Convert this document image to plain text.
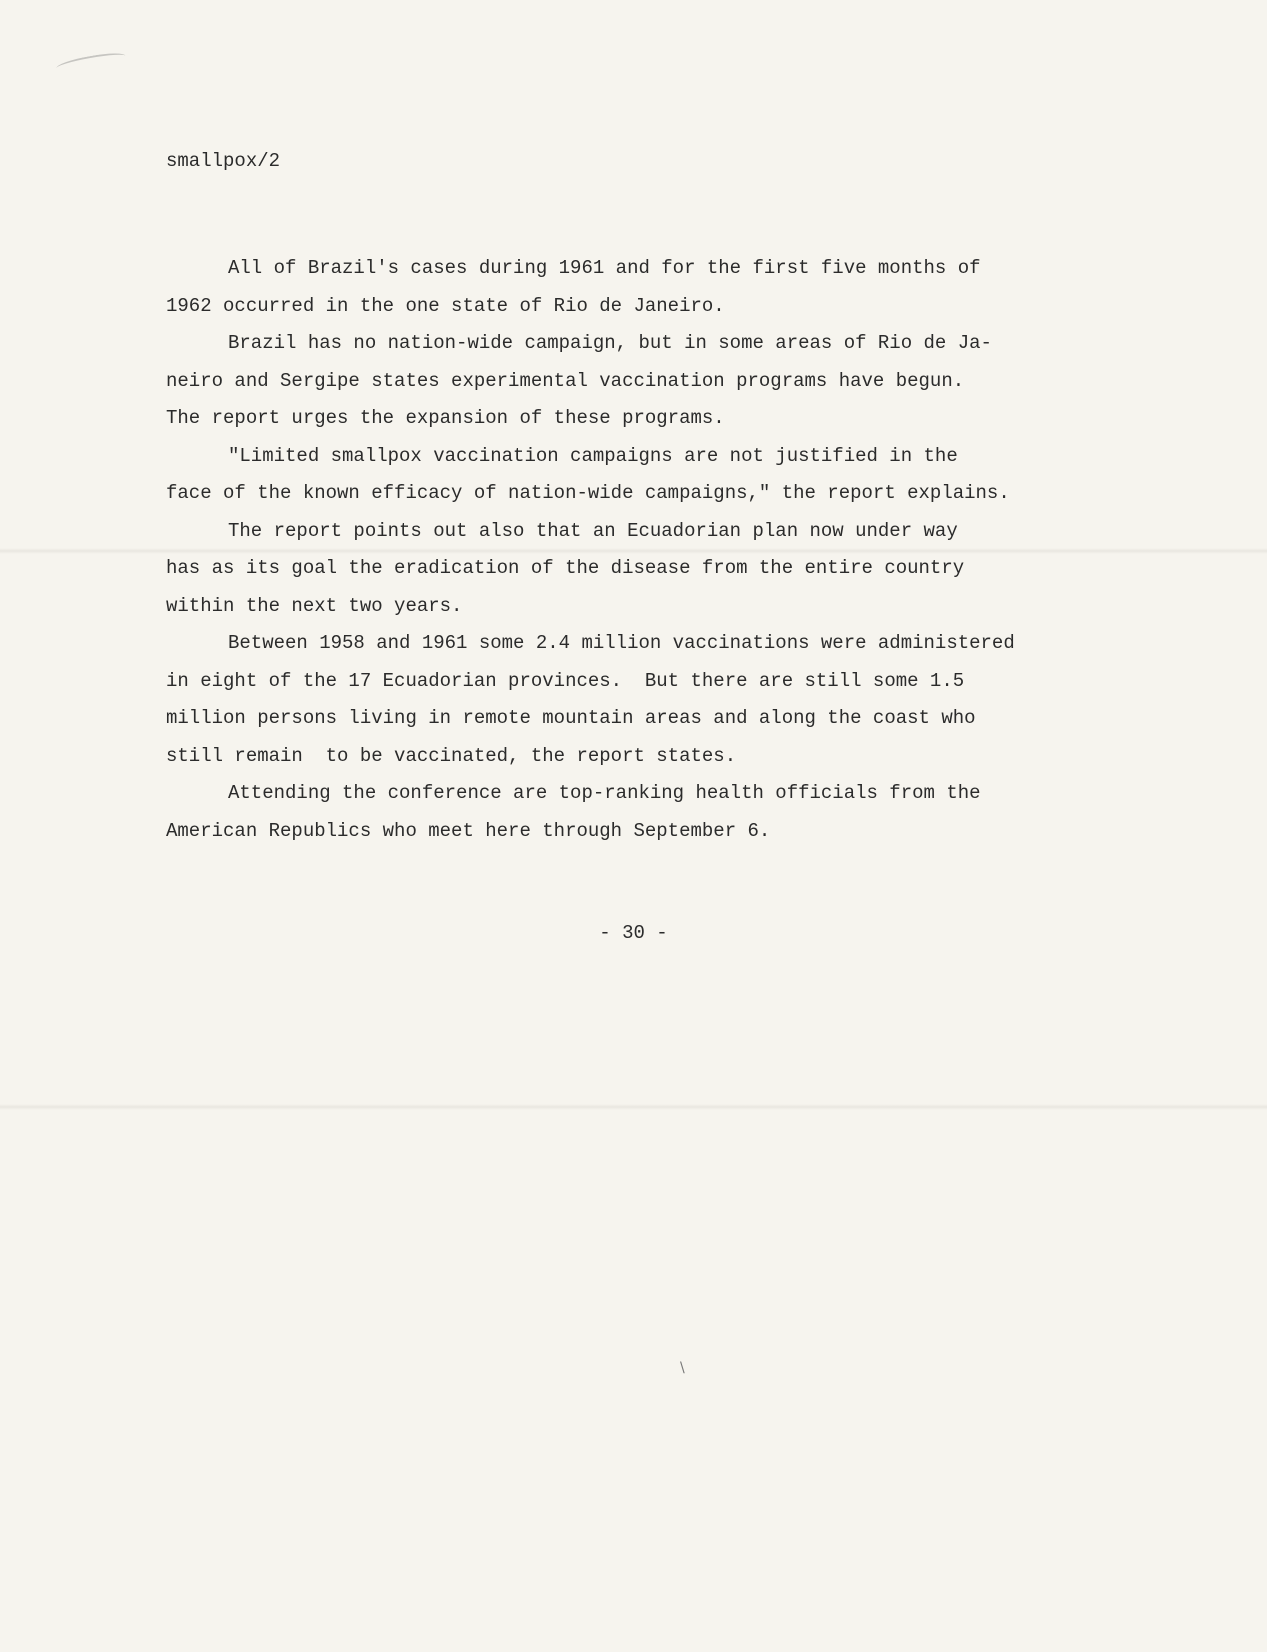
\

smallpox/2

All of Brazil's cases during 1961 and for the first five months of
1962 occurred in the one state of Rio de Janeiro.
Brazil has no nation-wide campaign, but in some areas of Rio de Ja-
neiro and Sergipe states experimental vaccination programs have begun.
The report urges the expansion of these programs.
"Limited smallpox vaccination campaigns are not justified in the
face of the known efficacy of nation-wide campaigns," the report explains.
The report points out also that an Ecuadorian plan now under way
has as its goal the eradication of the disease from the entire country
within the next two years.
Between 1958 and 1961 some 2.4 million vaccinations were administered
in eight of the 17 Ecuadorian provinces.  But there are still some 1.5
million persons living in remote mountain areas and along the coast who
still remain  to be vaccinated, the report states.
Attending the conference are top-ranking health officials from the
American Republics who meet here through September 6.

- 30 -
